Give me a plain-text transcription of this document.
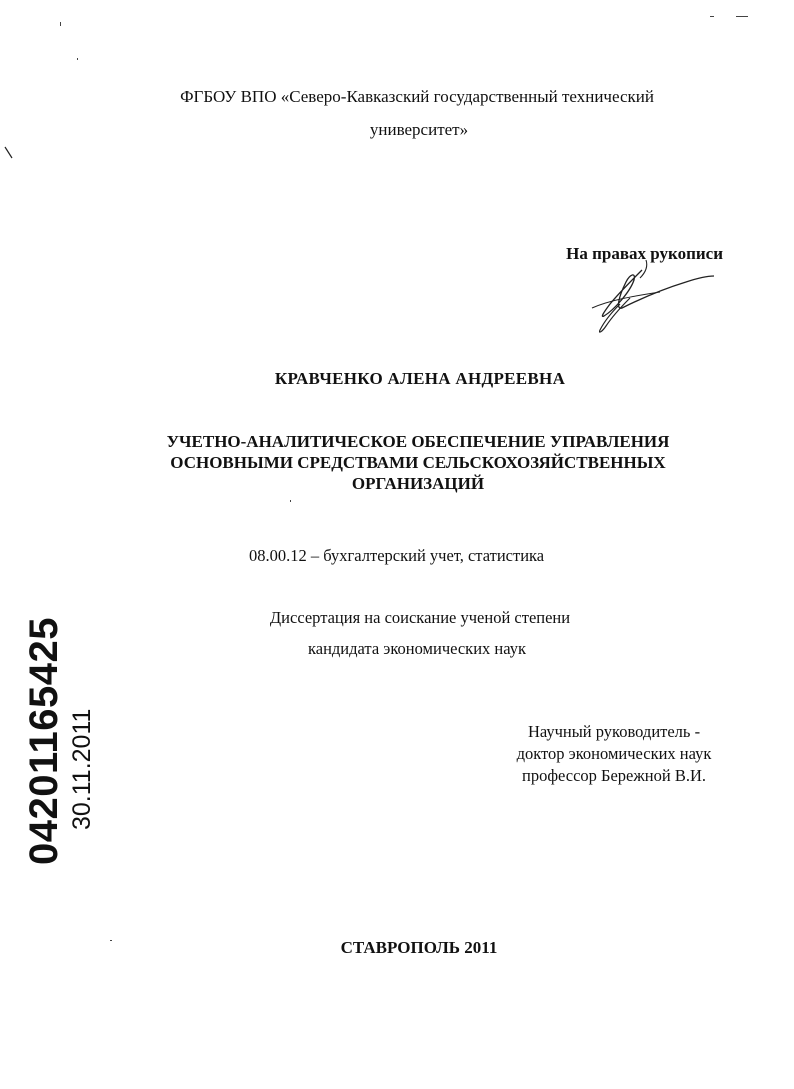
ФГБОУ ВПО «Северо-Кавказский государственный технический
университет»
На правах рукописи
КРАВЧЕНКО АЛЕНА АНДРЕЕВНА
УЧЕТНО-АНАЛИТИЧЕСКОЕ ОБЕСПЕЧЕНИЕ УПРАВЛЕНИЯ
ОСНОВНЫМИ СРЕДСТВАМИ СЕЛЬСКОХОЗЯЙСТВЕННЫХ
ОРГАНИЗАЦИЙ
08.00.12 – бухгалтерский учет, статистика
Диссертация на соискание ученой степени
кандидата экономических наук
Научный руководитель -
доктор экономических наук
профессор Бережной В.И.
СТАВРОПОЛЬ 2011
04201165425 30.11.2011
